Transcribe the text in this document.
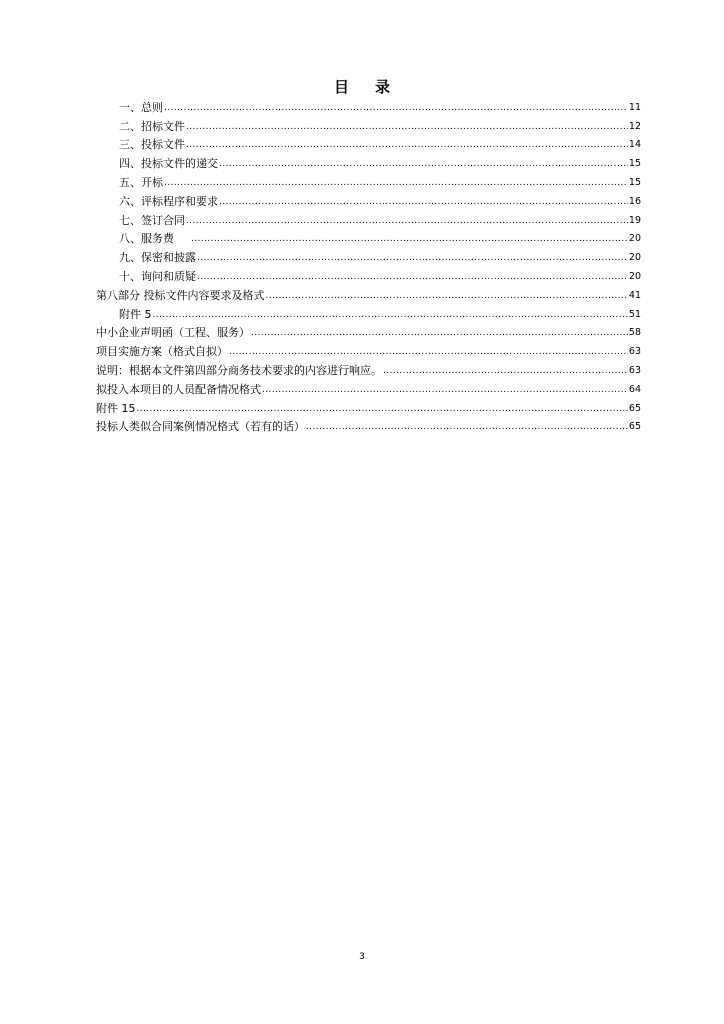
目 录
一、总则 .....	11
二、招标文件 .....	12
三、投标文件 .....	14
四、投标文件的递交 .....	15
五、开标 .....	15
六、评标程序和要求 .....	16
七、签订合同 .....	19
八、服务费 .....	20
九、保密和披露 .....	20
十、询问和质疑 .....	20
第八部分 投标文件内容要求及格式 .....	41
附件 5 .....	51
中小企业声明函（工程、服务） .....	58
项目实施方案（格式自拟） .....	63
说明：根据本文件第四部分商务技术要求的内容进行响应。 .....	63
拟投入本项目的人员配备情况格式 .....	64
附件 15 .....	65
投标人类似合同案例情况格式（若有的话） .....	65
3
